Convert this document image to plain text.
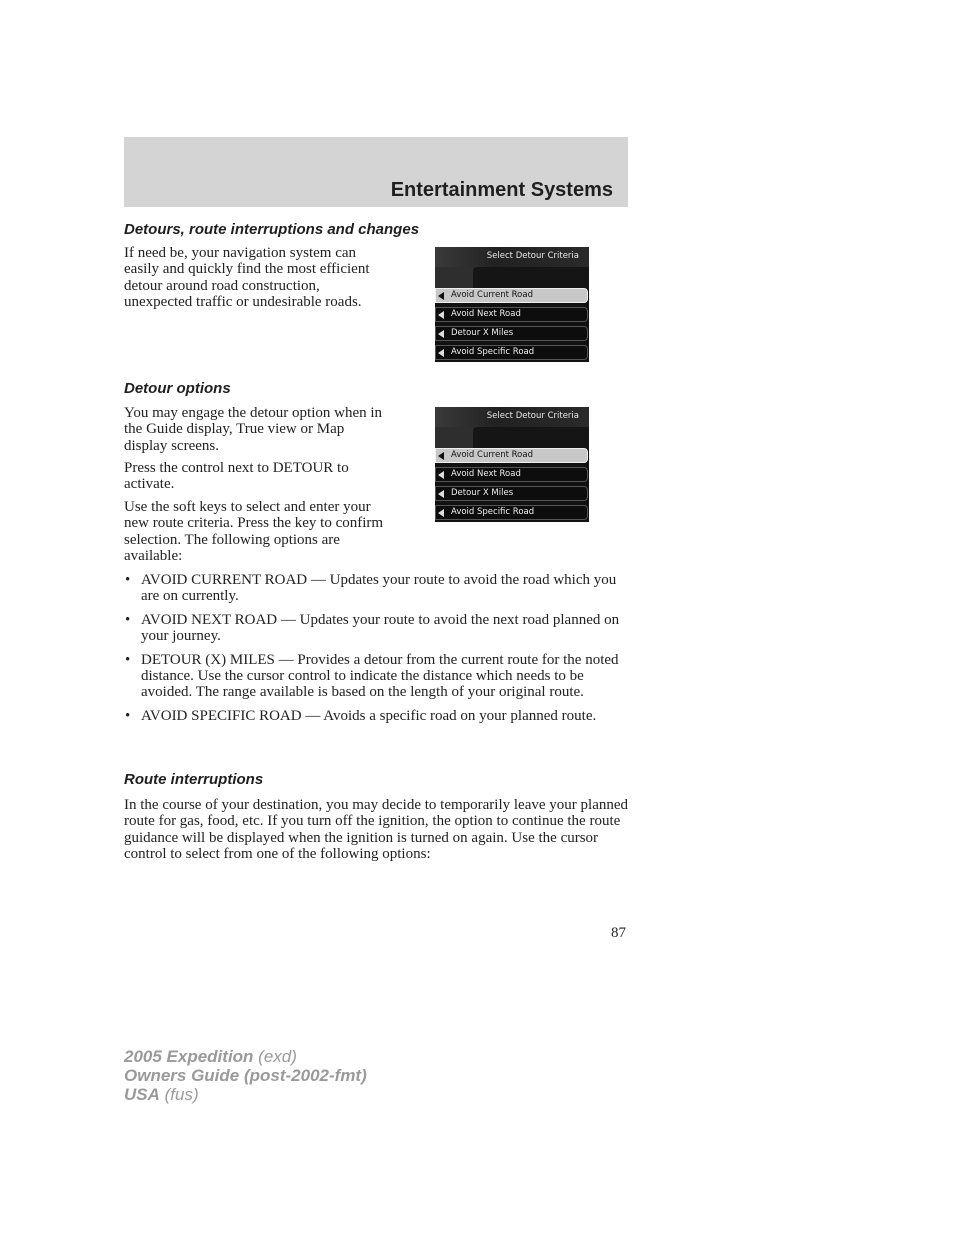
Entertainment Systems
Detours, route interruptions and changes

If need be, your navigation system can easily and quickly find the most efficient detour around road construction, unexpected traffic or undesirable roads.

Select Detour Criteria
Avoid Current Road
Avoid Next Road
Detour X Miles
Avoid Specific Road
Detour options

You may engage the detour option when in the Guide display, True view or Map display screens.

Press the control next to DETOUR to activate.

Use the soft keys to select and enter your new route criteria. Press the key to confirm selection. The following options are available:

Select Detour Criteria
Avoid Current Road
Avoid Next Road
Detour X Miles
Avoid Specific Road
• AVOID CURRENT ROAD — Updates your route to avoid the road which you are on currently.
• AVOID NEXT ROAD — Updates your route to avoid the next road planned on your journey.
• DETOUR (X) MILES — Provides a detour from the current route for the noted distance. Use the cursor control to indicate the distance which needs to be avoided. The range available is based on the length of your original route.
• AVOID SPECIFIC ROAD — Avoids a specific road on your planned route.
Route interruptions

In the course of your destination, you may decide to temporarily leave your planned route for gas, food, etc. If you turn off the ignition, the option to continue the route guidance will be displayed when the ignition is turned on again. Use the cursor control to select from one of the following options:

87
2005 Expedition (exd)
Owners Guide (post-2002-fmt)
USA (fus)
